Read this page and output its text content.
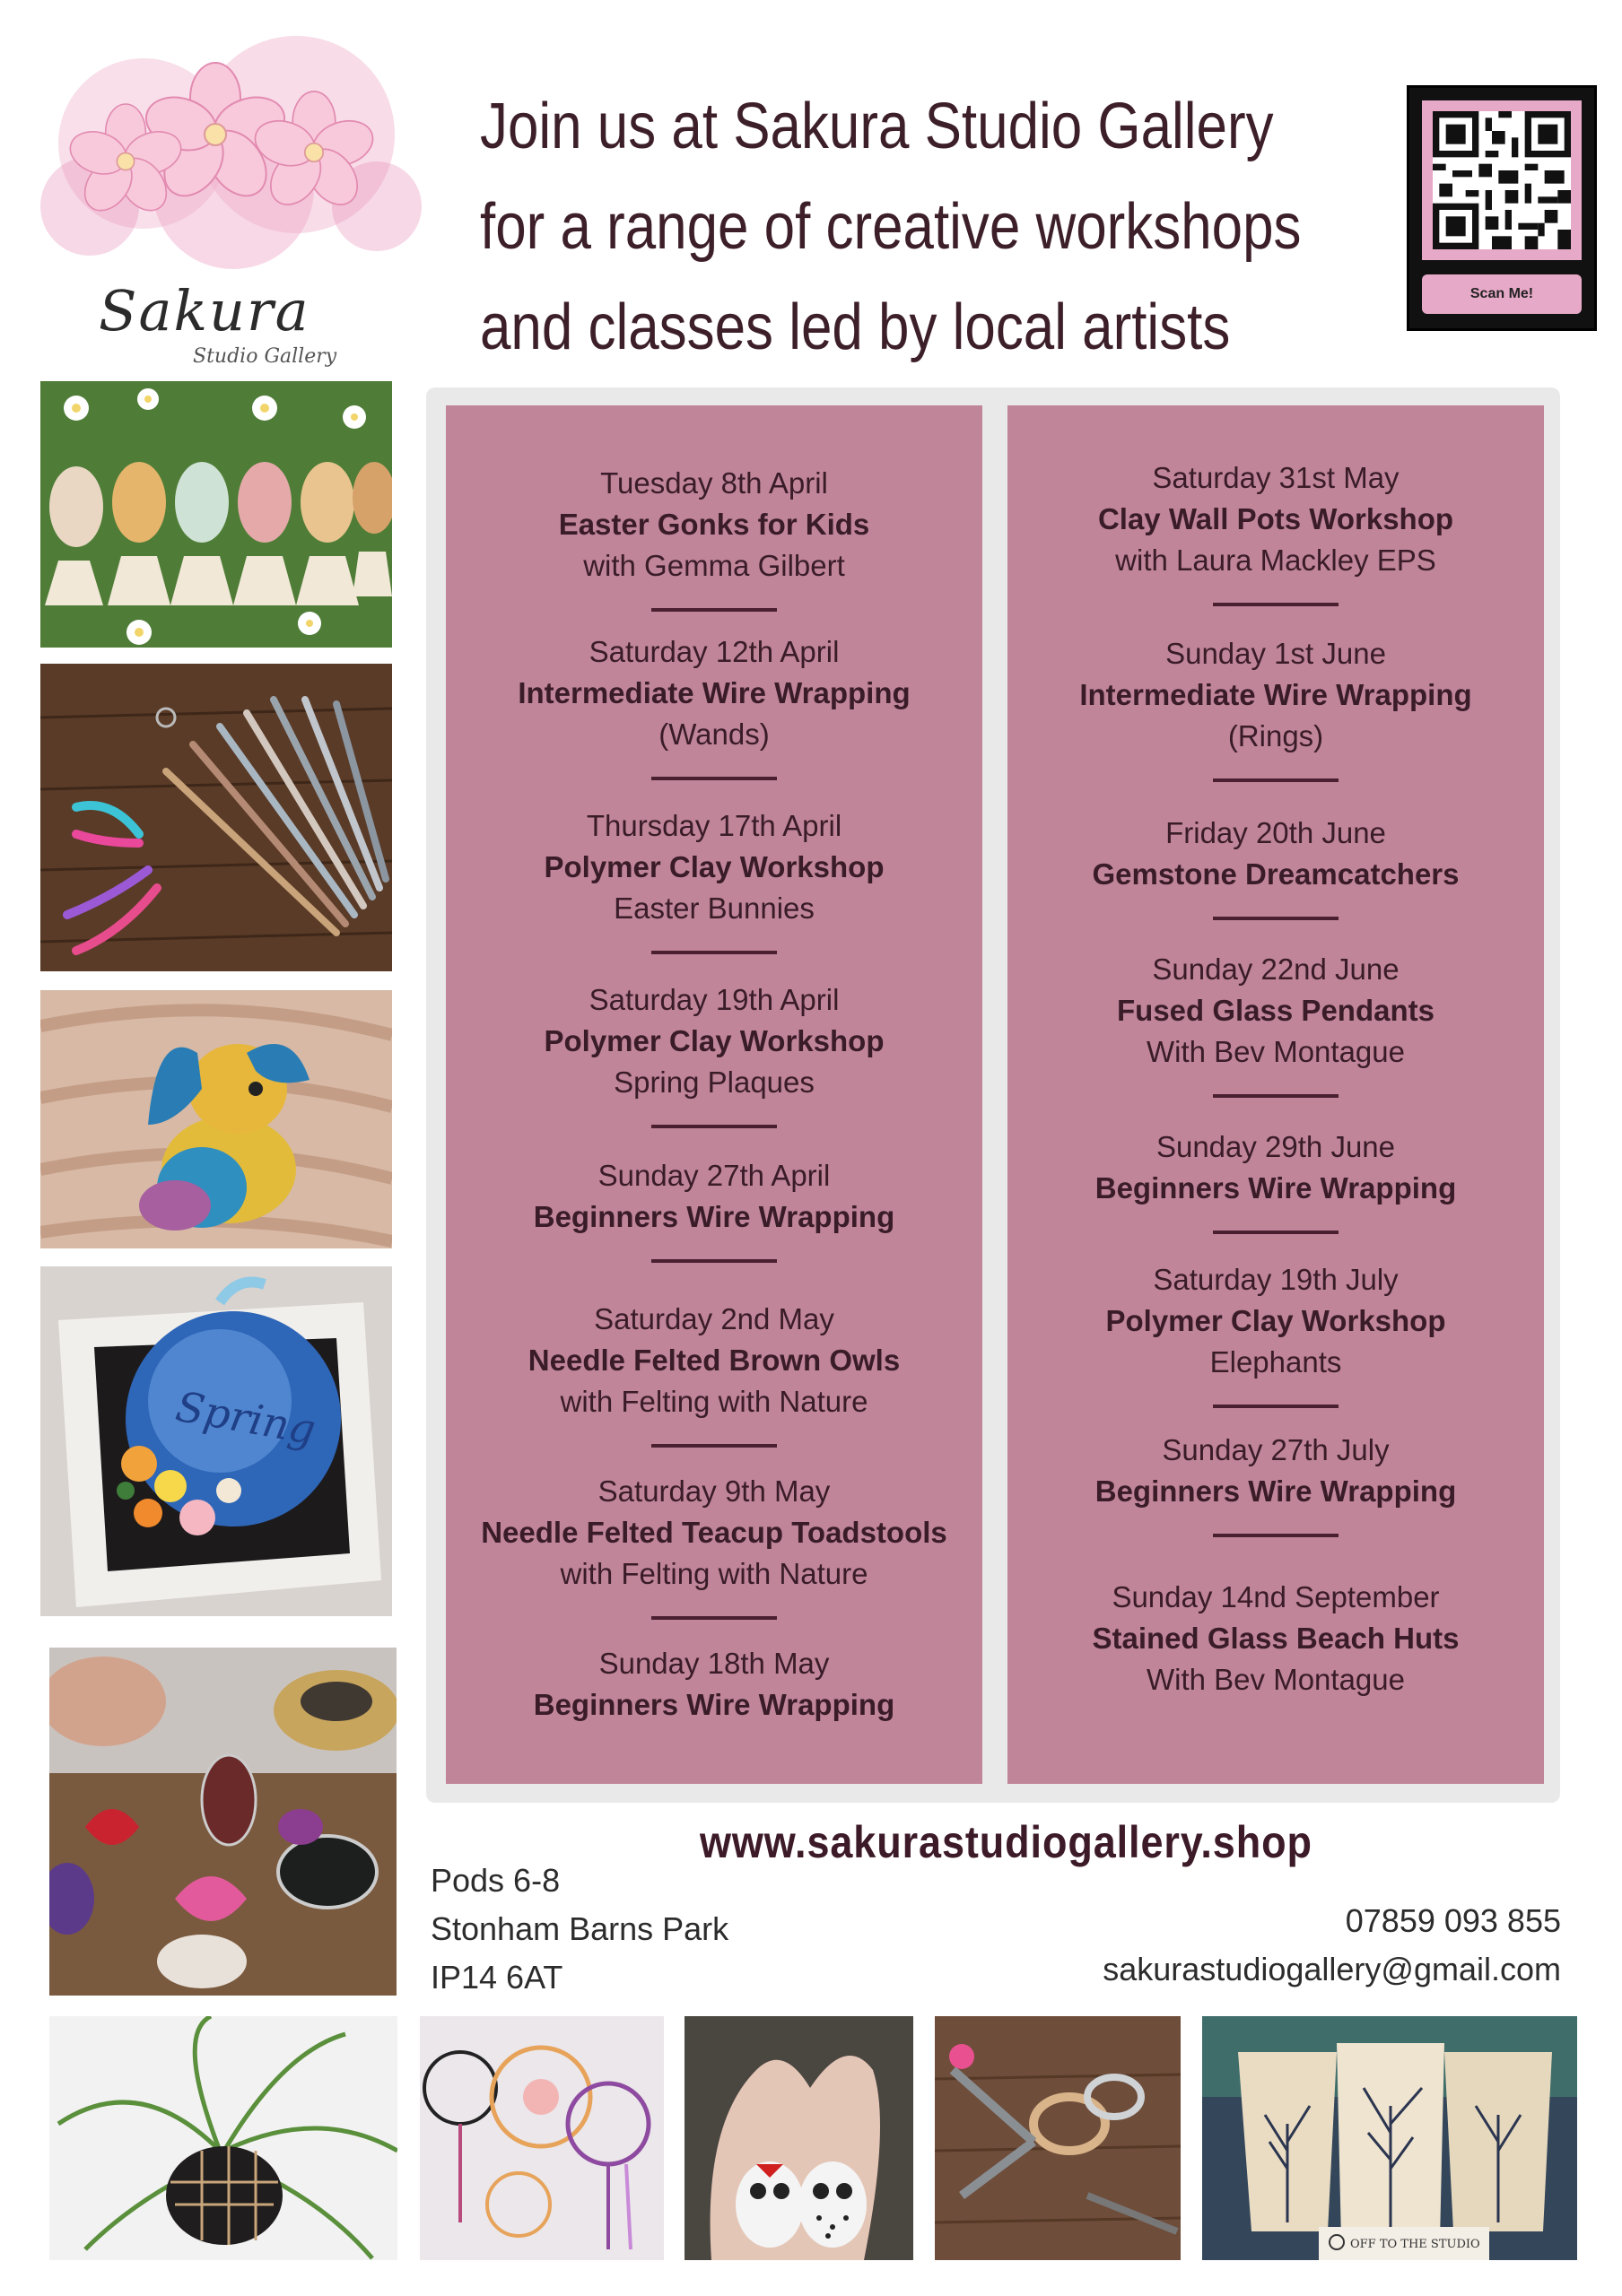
Sakura
Studio Gallery
Join us at Sakura Studio Gallery
for a range of creative workshops
and classes led by local artists	Scan Me!
Spring
Tuesday 8th April
Easter Gonks for Kids
with Gemma Gilbert
Saturday 12th April
Intermediate Wire Wrapping
(Wands)
Thursday 17th April
Polymer Clay Workshop
Easter Bunnies
Saturday 19th April
Polymer Clay Workshop
Spring Plaques
Sunday 27th April
Beginners Wire Wrapping
Saturday 2nd May
Needle Felted Brown Owls
with Felting with Nature
Saturday 9th May
Needle Felted Teacup Toadstools
with Felting with Nature
Sunday 18th May
Beginners Wire Wrapping
Saturday 31st May
Clay Wall Pots Workshop
with Laura Mackley EPS
Sunday 1st June
Intermediate Wire Wrapping
(Rings)
Friday 20th June
Gemstone Dreamcatchers
Sunday 22nd June
Fused Glass Pendants
With Bev Montague
Sunday 29th June
Beginners Wire Wrapping
Saturday 19th July
Polymer Clay Workshop
Elephants
Sunday 27th July
Beginners Wire Wrapping
Sunday 14nd September
Stained Glass Beach Huts
With Bev Montague
www.sakurastudiogallery.shop
Pods 6-8
Stonham Barns Park
IP14 6AT
07859 093 855
sakurastudiogallery@gmail.com
OFF TO THE STUDIO
